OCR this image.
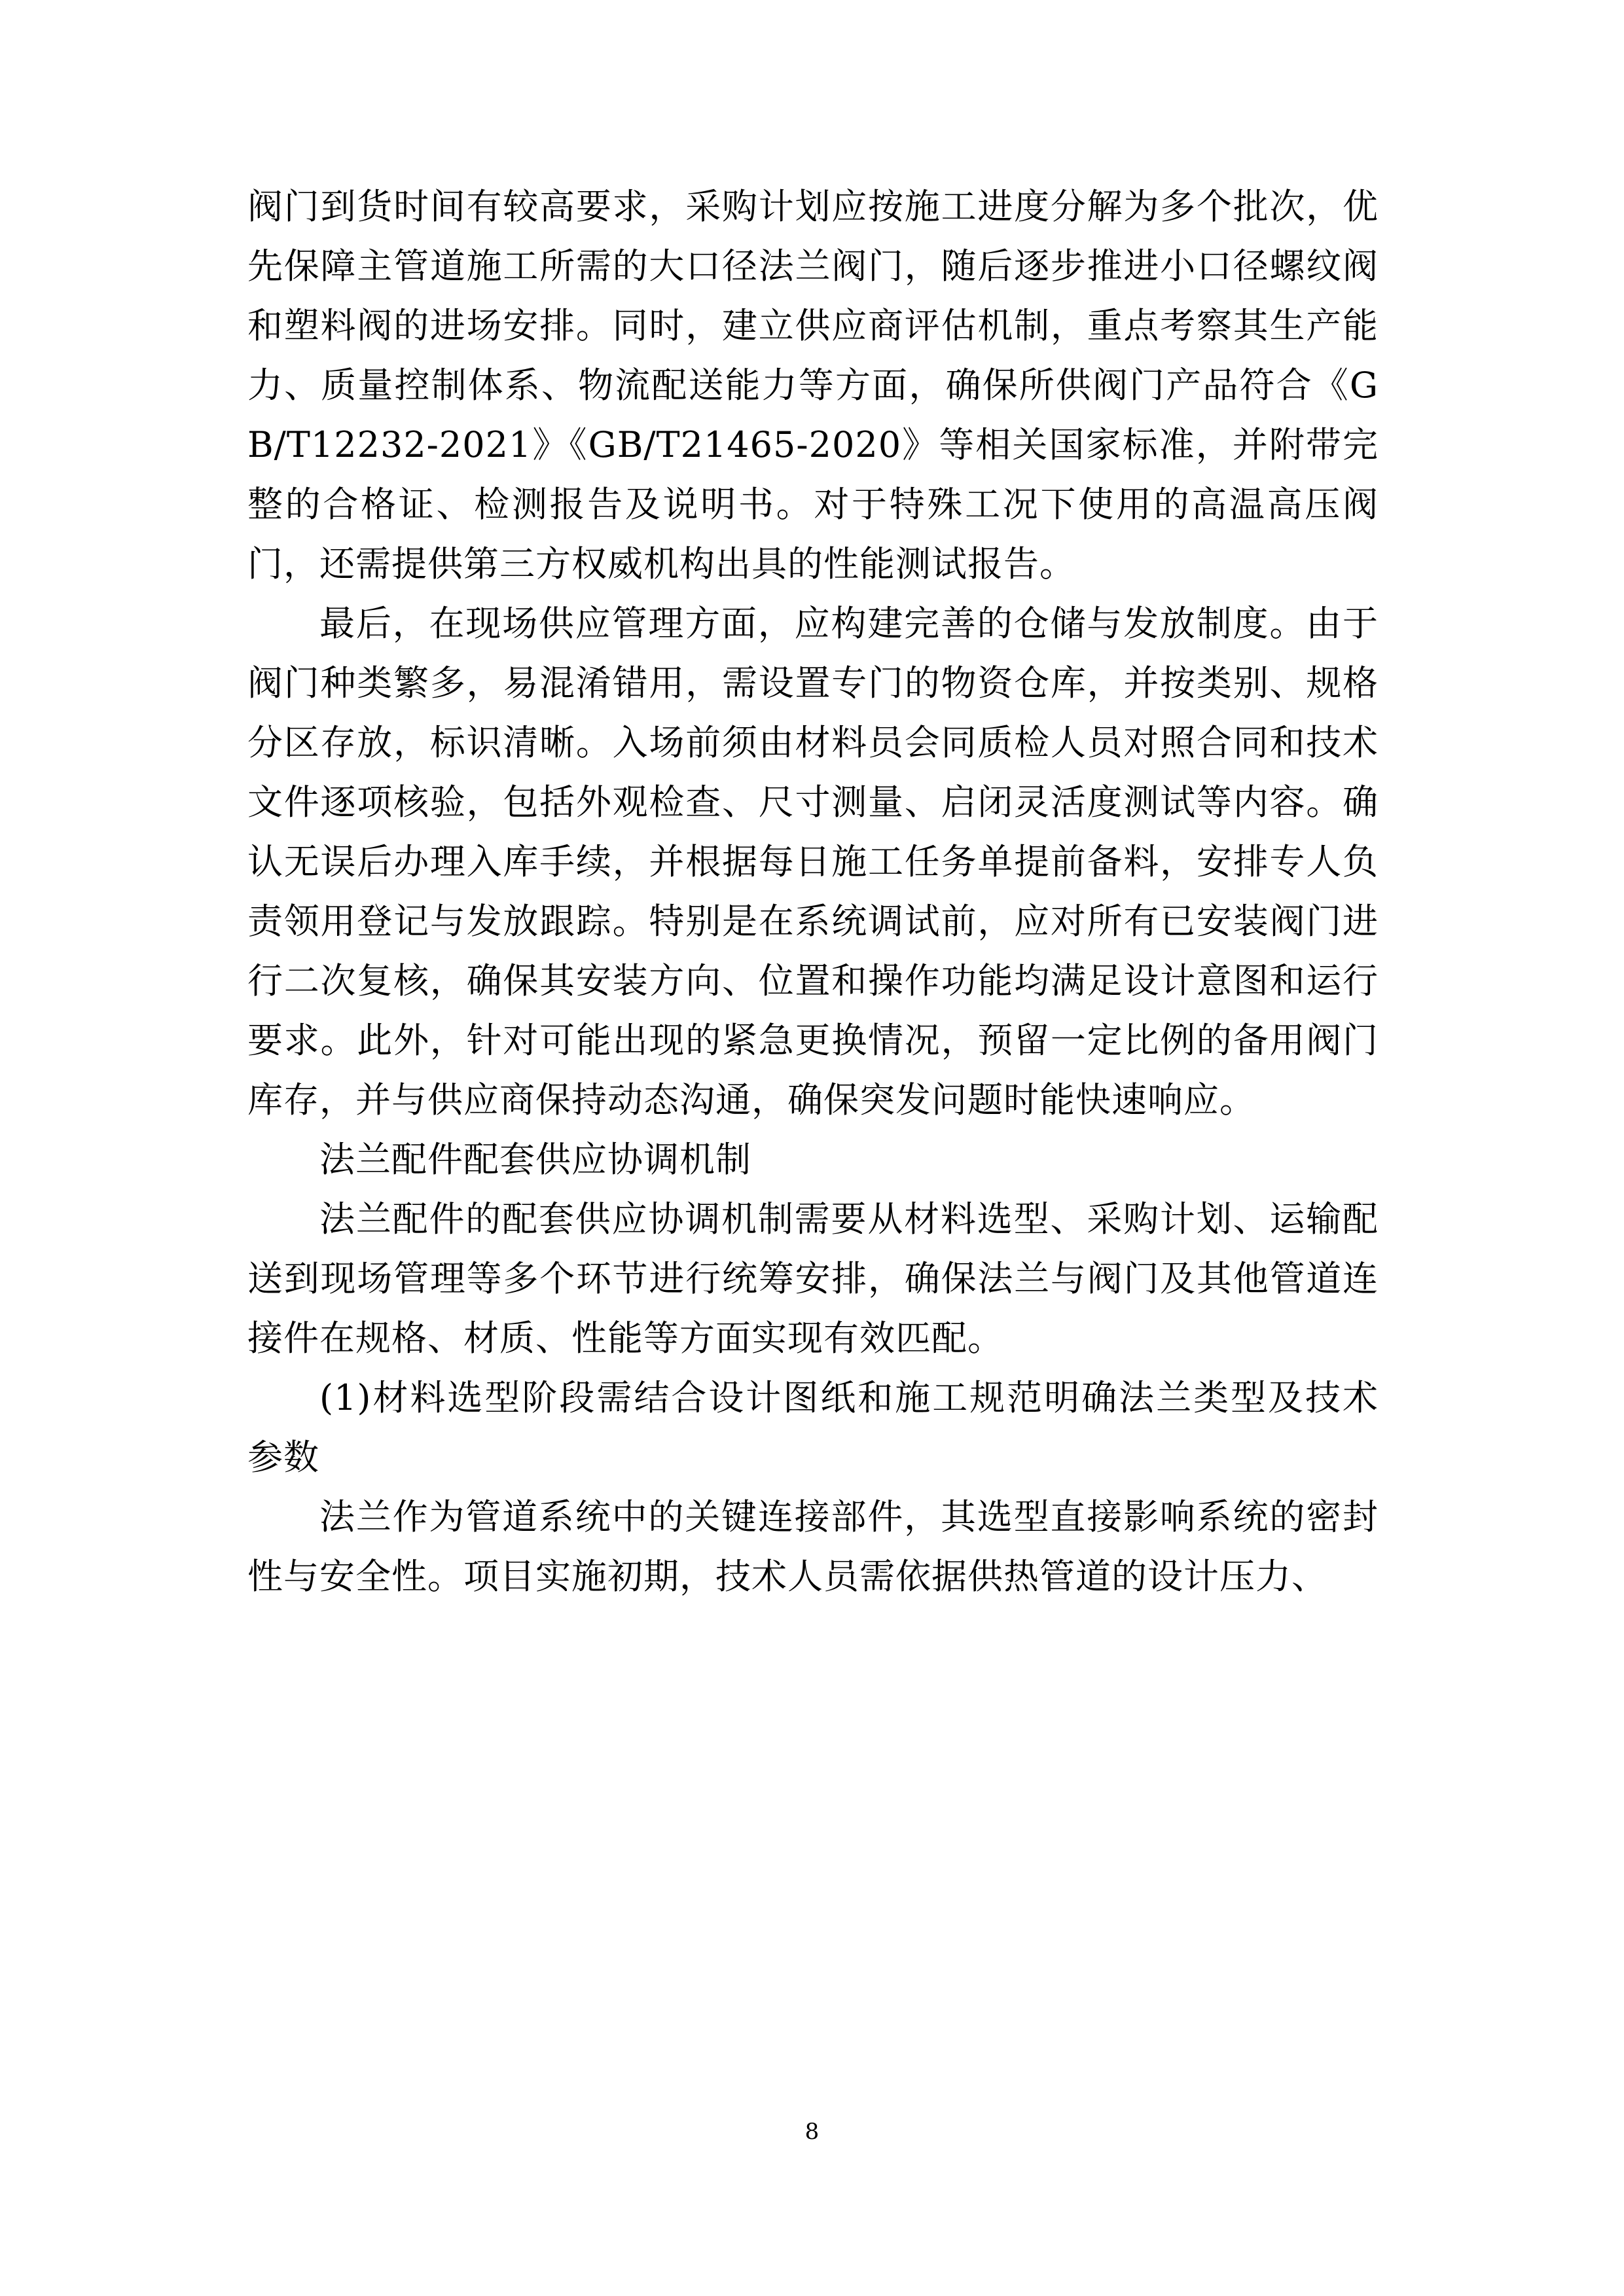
阀门到货时间有较高要求，采购计划应按施工进度分解为多个批次，优先保障主管道施工所需的大口径法兰阀门，随后逐步推进小口径螺纹阀和塑料阀的进场安排。同时，建立供应商评估机制，重点考察其生产能力、质量控制体系、物流配送能力等方面，确保所供阀门产品符合《GB/T12232-2021》《GB/T21465-2020》等相关国家标准，并附带完整的合格证、检测报告及说明书。对于特殊工况下使用的高温高压阀门，还需提供第三方权威机构出具的性能测试报告。

最后，在现场供应管理方面，应构建完善的仓储与发放制度。由于阀门种类繁多，易混淆错用，需设置专门的物资仓库，并按类别、规格分区存放，标识清晰。入场前须由材料员会同质检人员对照合同和技术文件逐项核验，包括外观检查、尺寸测量、启闭灵活度测试等内容。确认无误后办理入库手续，并根据每日施工任务单提前备料，安排专人负责领用登记与发放跟踪。特别是在系统调试前，应对所有已安装阀门进行二次复核，确保其安装方向、位置和操作功能均满足设计意图和运行要求。此外，针对可能出现的紧急更换情况，预留一定比例的备用阀门库存，并与供应商保持动态沟通，确保突发问题时能快速响应。

法兰配件配套供应协调机制

法兰配件的配套供应协调机制需要从材料选型、采购计划、运输配送到现场管理等多个环节进行统筹安排，确保法兰与阀门及其他管道连接件在规格、材质、性能等方面实现有效匹配。

(1)材料选型阶段需结合设计图纸和施工规范明确法兰类型及技术参数

法兰作为管道系统中的关键连接部件，其选型直接影响系统的密封性与安全性。项目实施初期，技术人员需依据供热管道的设计压力、

8
